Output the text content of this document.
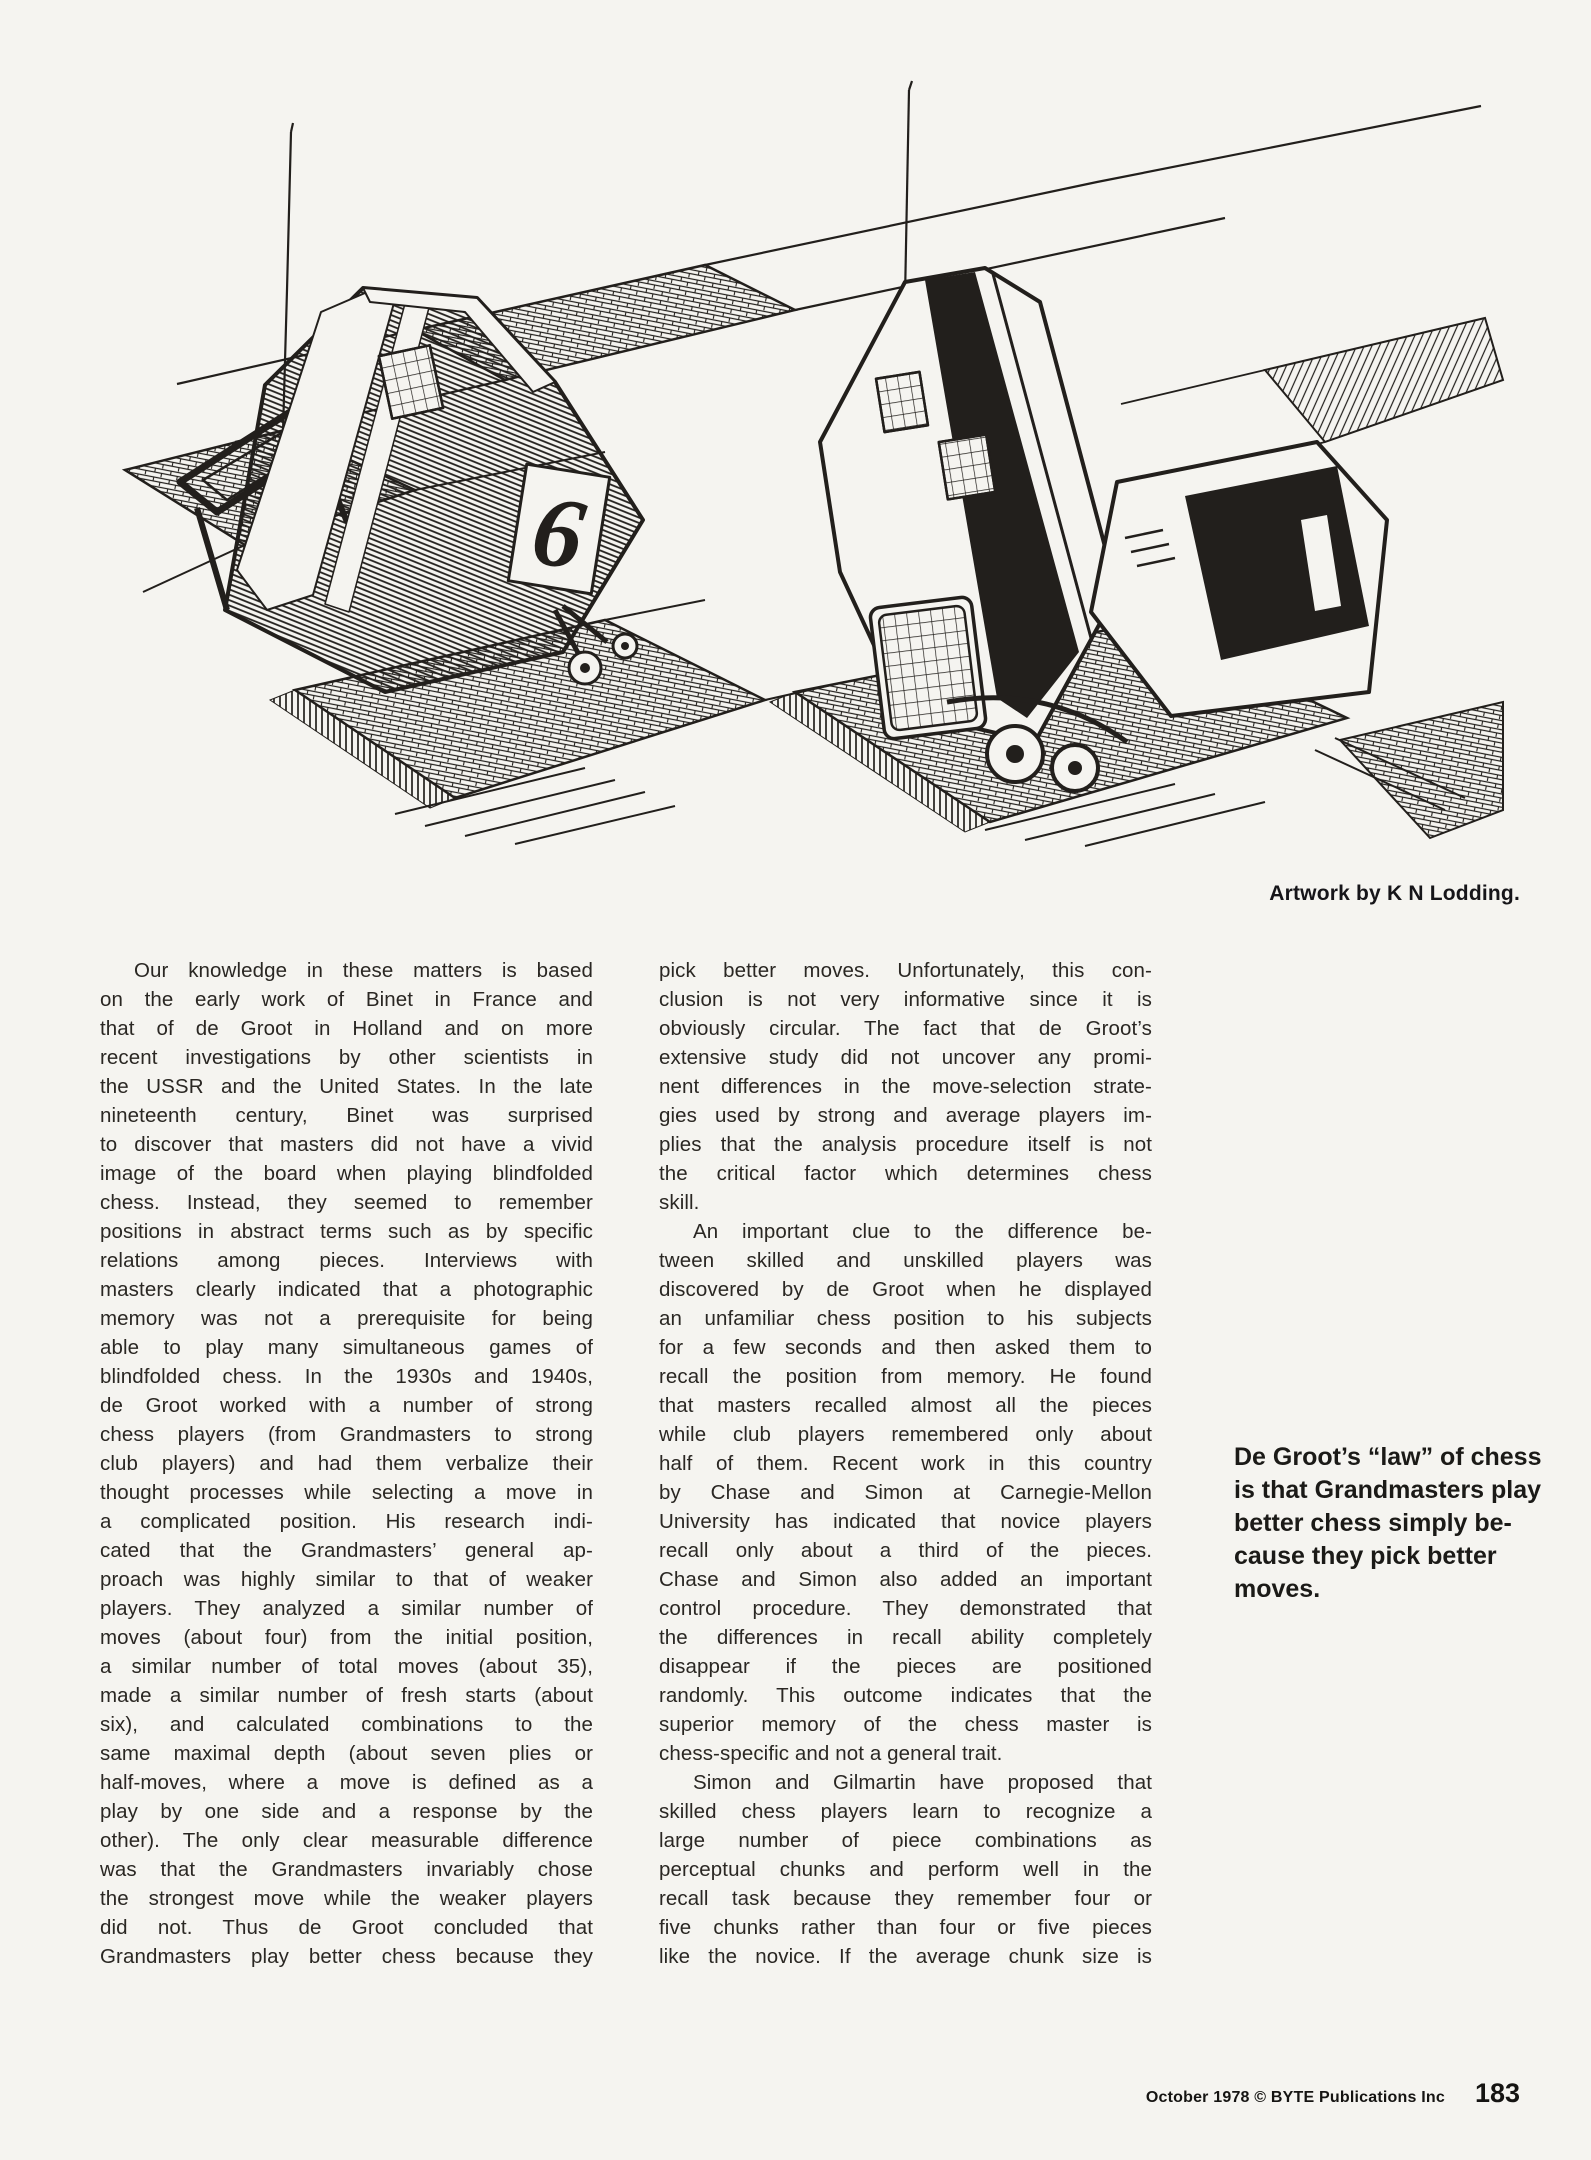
6
Artwork by K N Lodding.
Our knowledge in these matters is based
on the early work of Binet in France and
that of de Groot in Holland and on more
recent investigations by other scientists in
the USSR and the United States. In the late
nineteenth century, Binet was surprised
to discover that masters did not have a vivid
image of the board when playing blindfolded
chess. Instead, they seemed to remember
positions in abstract terms such as by specific
relations among pieces. Interviews with
masters clearly indicated that a photographic
memory was not a prerequisite for being
able to play many simultaneous games of
blindfolded chess. In the 1930s and 1940s,
de Groot worked with a number of strong
chess players (from Grandmasters to strong
club players) and had them verbalize their
thought processes while selecting a move in
a complicated position. His research indi-
cated that the Grandmasters’ general ap-
proach was highly similar to that of weaker
players. They analyzed a similar number of
moves (about four) from the initial position,
a similar number of total moves (about 35),
made a similar number of fresh starts (about
six), and calculated combinations to the
same maximal depth (about seven plies or
half-moves, where a move is defined as a
play by one side and a response by the
other). The only clear measurable difference
was that the Grandmasters invariably chose
the strongest move while the weaker players
did not. Thus de Groot concluded that
Grandmasters play better chess because they
pick better moves. Unfortunately, this con-
clusion is not very informative since it is
obviously circular. The fact that de Groot’s
extensive study did not uncover any promi-
nent differences in the move-selection strate-
gies used by strong and average players im-
plies that the analysis procedure itself is not
the critical factor which determines chess
skill.
An important clue to the difference be-
tween skilled and unskilled players was
discovered by de Groot when he displayed
an unfamiliar chess position to his subjects
for a few seconds and then asked them to
recall the position from memory. He found
that masters recalled almost all the pieces
while club players remembered only about
half of them. Recent work in this country
by Chase and Simon at Carnegie-Mellon
University has indicated that novice players
recall only about a third of the pieces.
Chase and Simon also added an important
control procedure. They demonstrated that
the differences in recall ability completely
disappear if the pieces are positioned
randomly. This outcome indicates that the
superior memory of the chess master is
chess-specific and not a general trait.
Simon and Gilmartin have proposed that
skilled chess players learn to recognize a
large number of piece combinations as
perceptual chunks and perform well in the
recall task because they remember four or
five chunks rather than four or five pieces
like the novice. If the average chunk size is
De Groot’s “law” of chess
is that Grandmasters play
better chess simply be-
cause they pick better
moves.
October 1978 © BYTE Publications Inc 183
